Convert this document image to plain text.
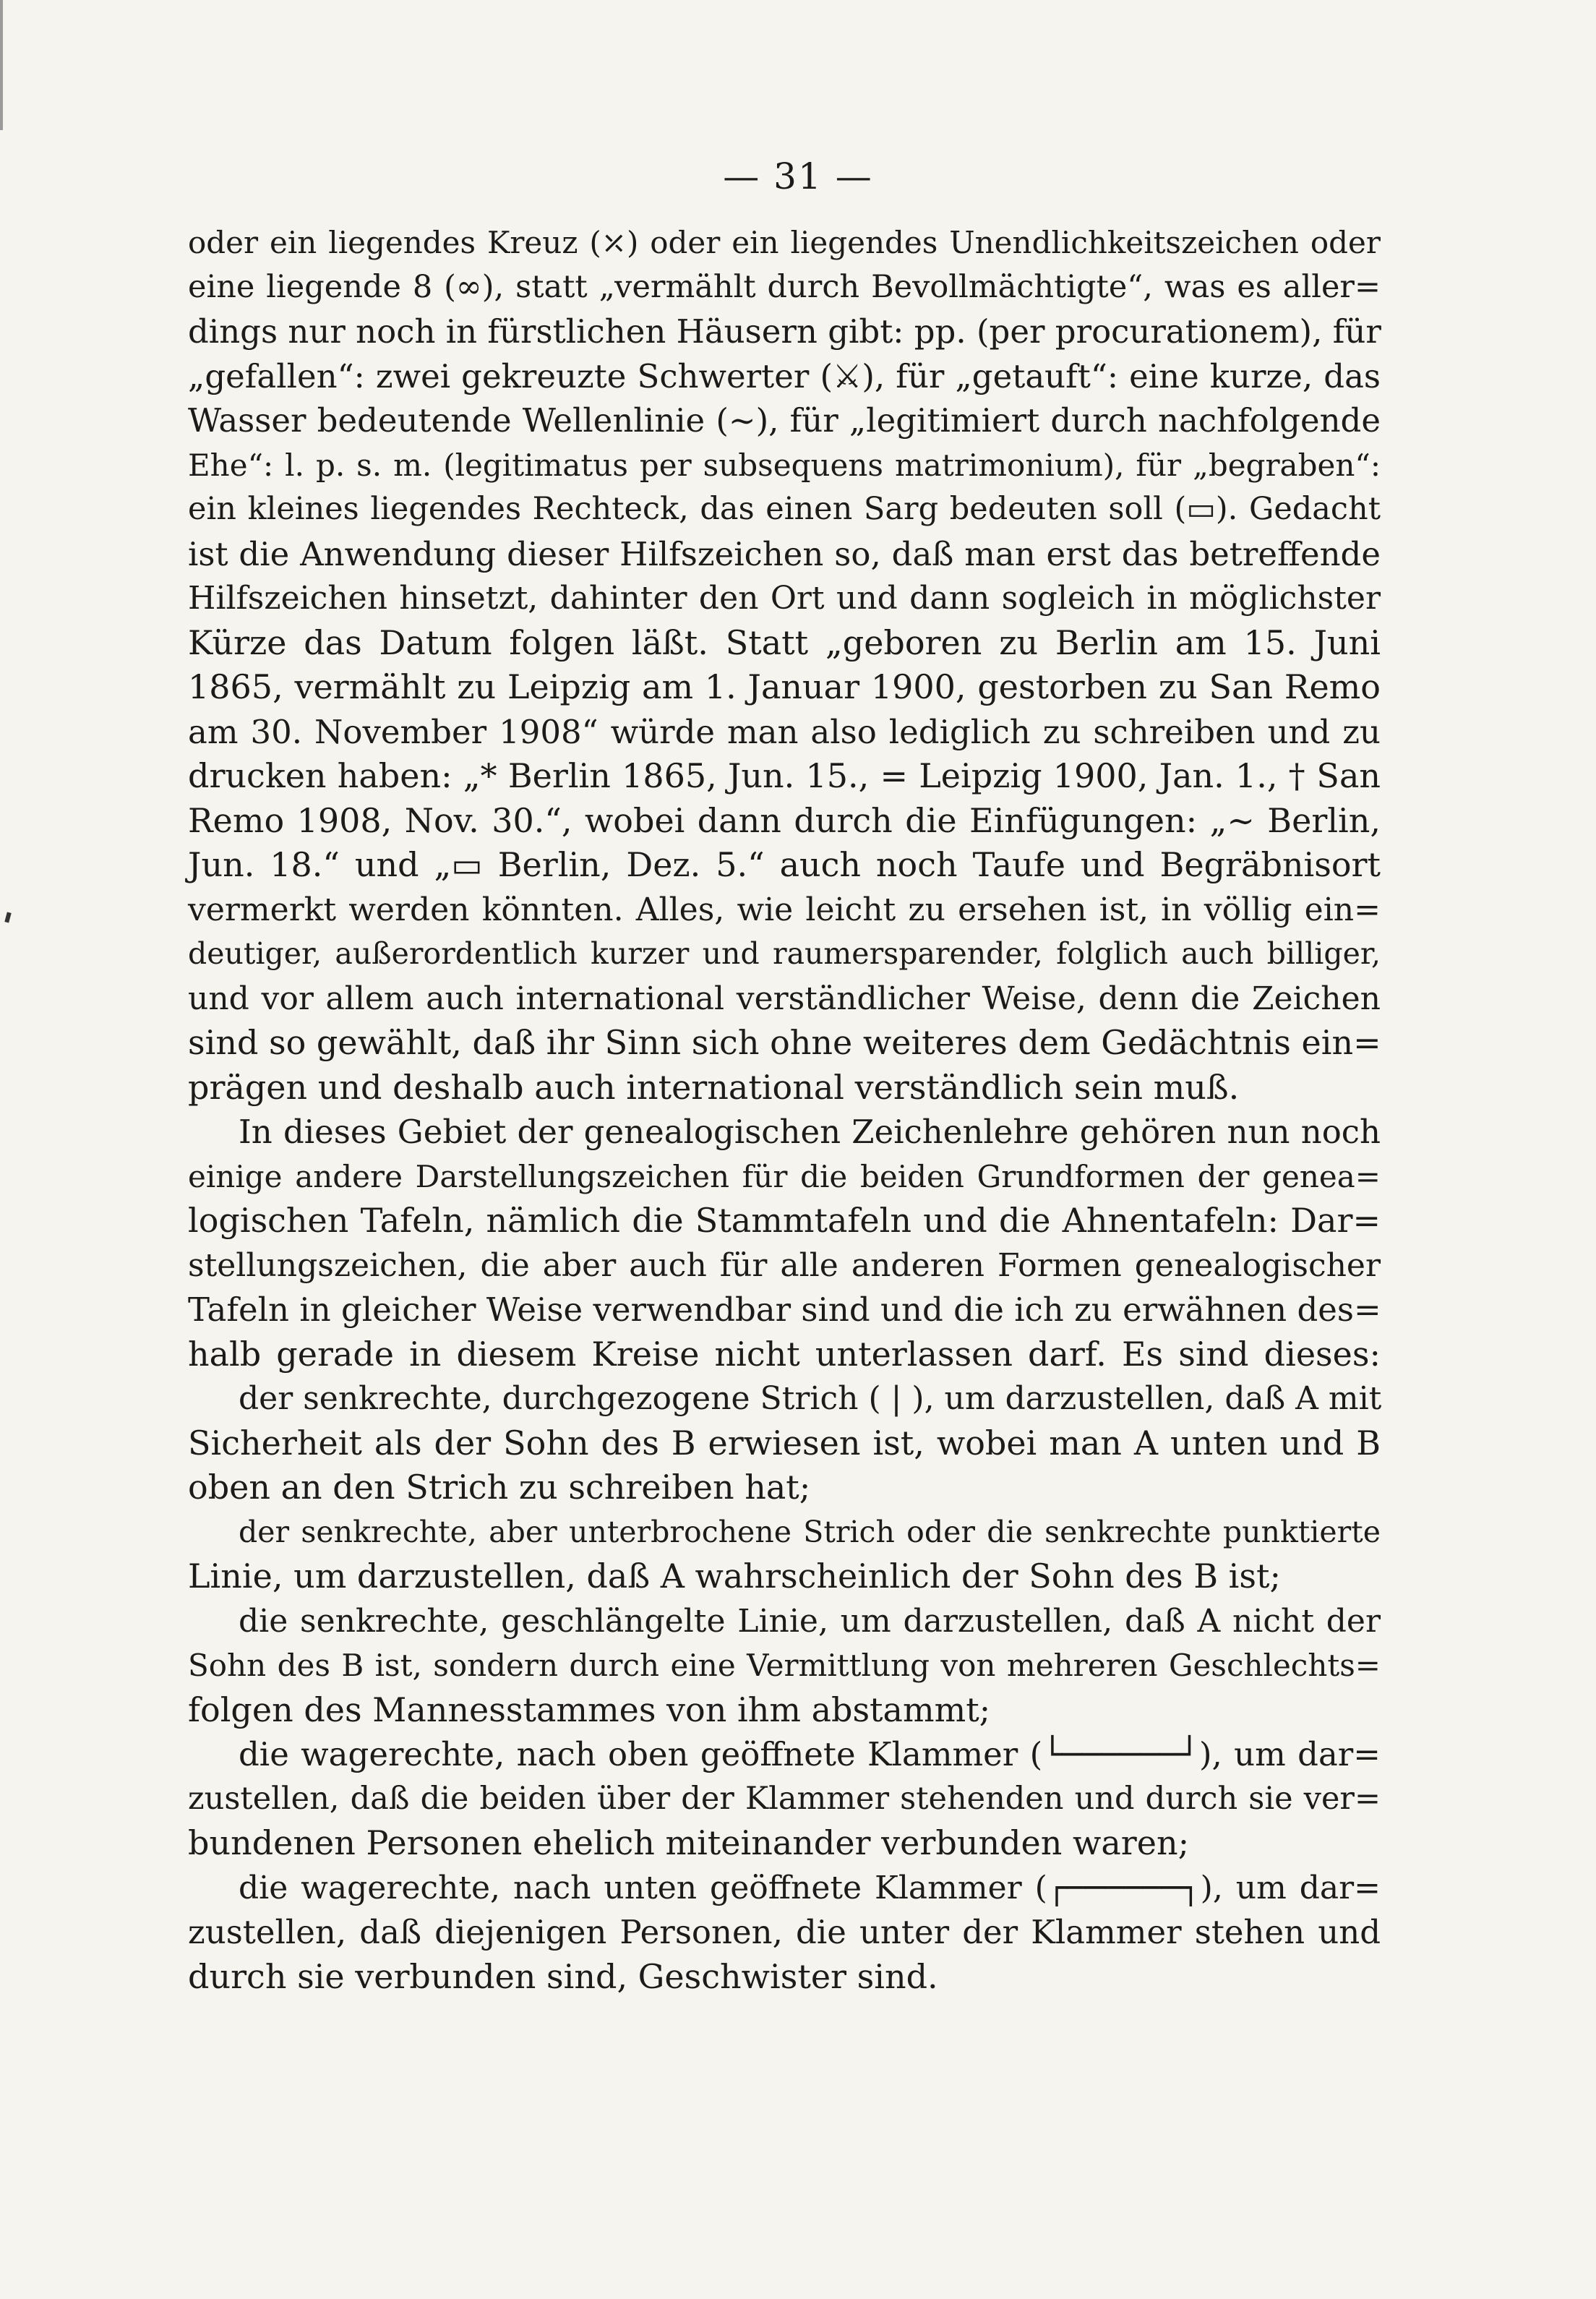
— 31 —
oder ein liegendes Kreuz (⤫) oder ein liegendes Unendlichkeitszeichen oder
eine liegende 8 (∞), statt „vermählt durch Bevollmächtigte“, was es aller=
dings nur noch in fürstlichen Häusern gibt: pp. (per procurationem), für
„gefallen“: zwei gekreuzte Schwerter (⚔), für „getauft“: eine kurze, das
Wasser bedeutende Wellenlinie (∼), für „legitimiert durch nachfolgende
Ehe“: l. p. s. m. (legitimatus per subsequens matrimonium), für „begraben“:
ein kleines liegendes Rechteck, das einen Sarg bedeuten soll (▭). Gedacht
ist die Anwendung dieser Hilfszeichen so, daß man erst das betreffende
Hilfszeichen hinsetzt, dahinter den Ort und dann sogleich in möglichster
Kürze das Datum folgen läßt. Statt „geboren zu Berlin am 15. Juni
1865, vermählt zu Leipzig am 1. Januar 1900, gestorben zu San Remo
am 30. November 1908“ würde man also lediglich zu schreiben und zu
drucken haben: „* Berlin 1865, Jun. 15., = Leipzig 1900, Jan. 1., † San
Remo 1908, Nov. 30.“, wobei dann durch die Einfügungen: „∼ Berlin,
Jun. 18.“ und „▭ Berlin, Dez. 5.“ auch noch Taufe und Begräbnisort
vermerkt werden könnten. Alles, wie leicht zu ersehen ist, in völlig ein=
deutiger, außerordentlich kurzer und raumersparender, folglich auch billiger,
und vor allem auch international verständlicher Weise, denn die Zeichen
sind so gewählt, daß ihr Sinn sich ohne weiteres dem Gedächtnis ein=
prägen und deshalb auch international verständlich sein muß.
In dieses Gebiet der genealogischen Zeichenlehre gehören nun noch
einige andere Darstellungszeichen für die beiden Grundformen der genea=
logischen Tafeln, nämlich die Stammtafeln und die Ahnentafeln: Dar=
stellungszeichen, die aber auch für alle anderen Formen genealogischer
Tafeln in gleicher Weise verwendbar sind und die ich zu erwähnen des=
halb gerade in diesem Kreise nicht unterlassen darf. Es sind dieses:
der senkrechte, durchgezogene Strich ( | ), um darzustellen, daß A mit
Sicherheit als der Sohn des B erwiesen ist, wobei man A unten und B
oben an den Strich zu schreiben hat;
der senkrechte, aber unterbrochene Strich oder die senkrechte punktierte
Linie, um darzustellen, daß A wahrscheinlich der Sohn des B ist;
die senkrechte, geschlängelte Linie, um darzustellen, daß A nicht der
Sohn des B ist, sondern durch eine Vermittlung von mehreren Geschlechts=
folgen des Mannesstammes von ihm abstammt;
die wagerechte, nach oben geöffnete Klammer (└──────┘), um dar=
zustellen, daß die beiden über der Klammer stehenden und durch sie ver=
bundenen Personen ehelich miteinander verbunden waren;
die wagerechte, nach unten geöffnete Klammer (┌──────┐), um dar=
zustellen, daß diejenigen Personen, die unter der Klammer stehen und
durch sie verbunden sind, Geschwister sind.
